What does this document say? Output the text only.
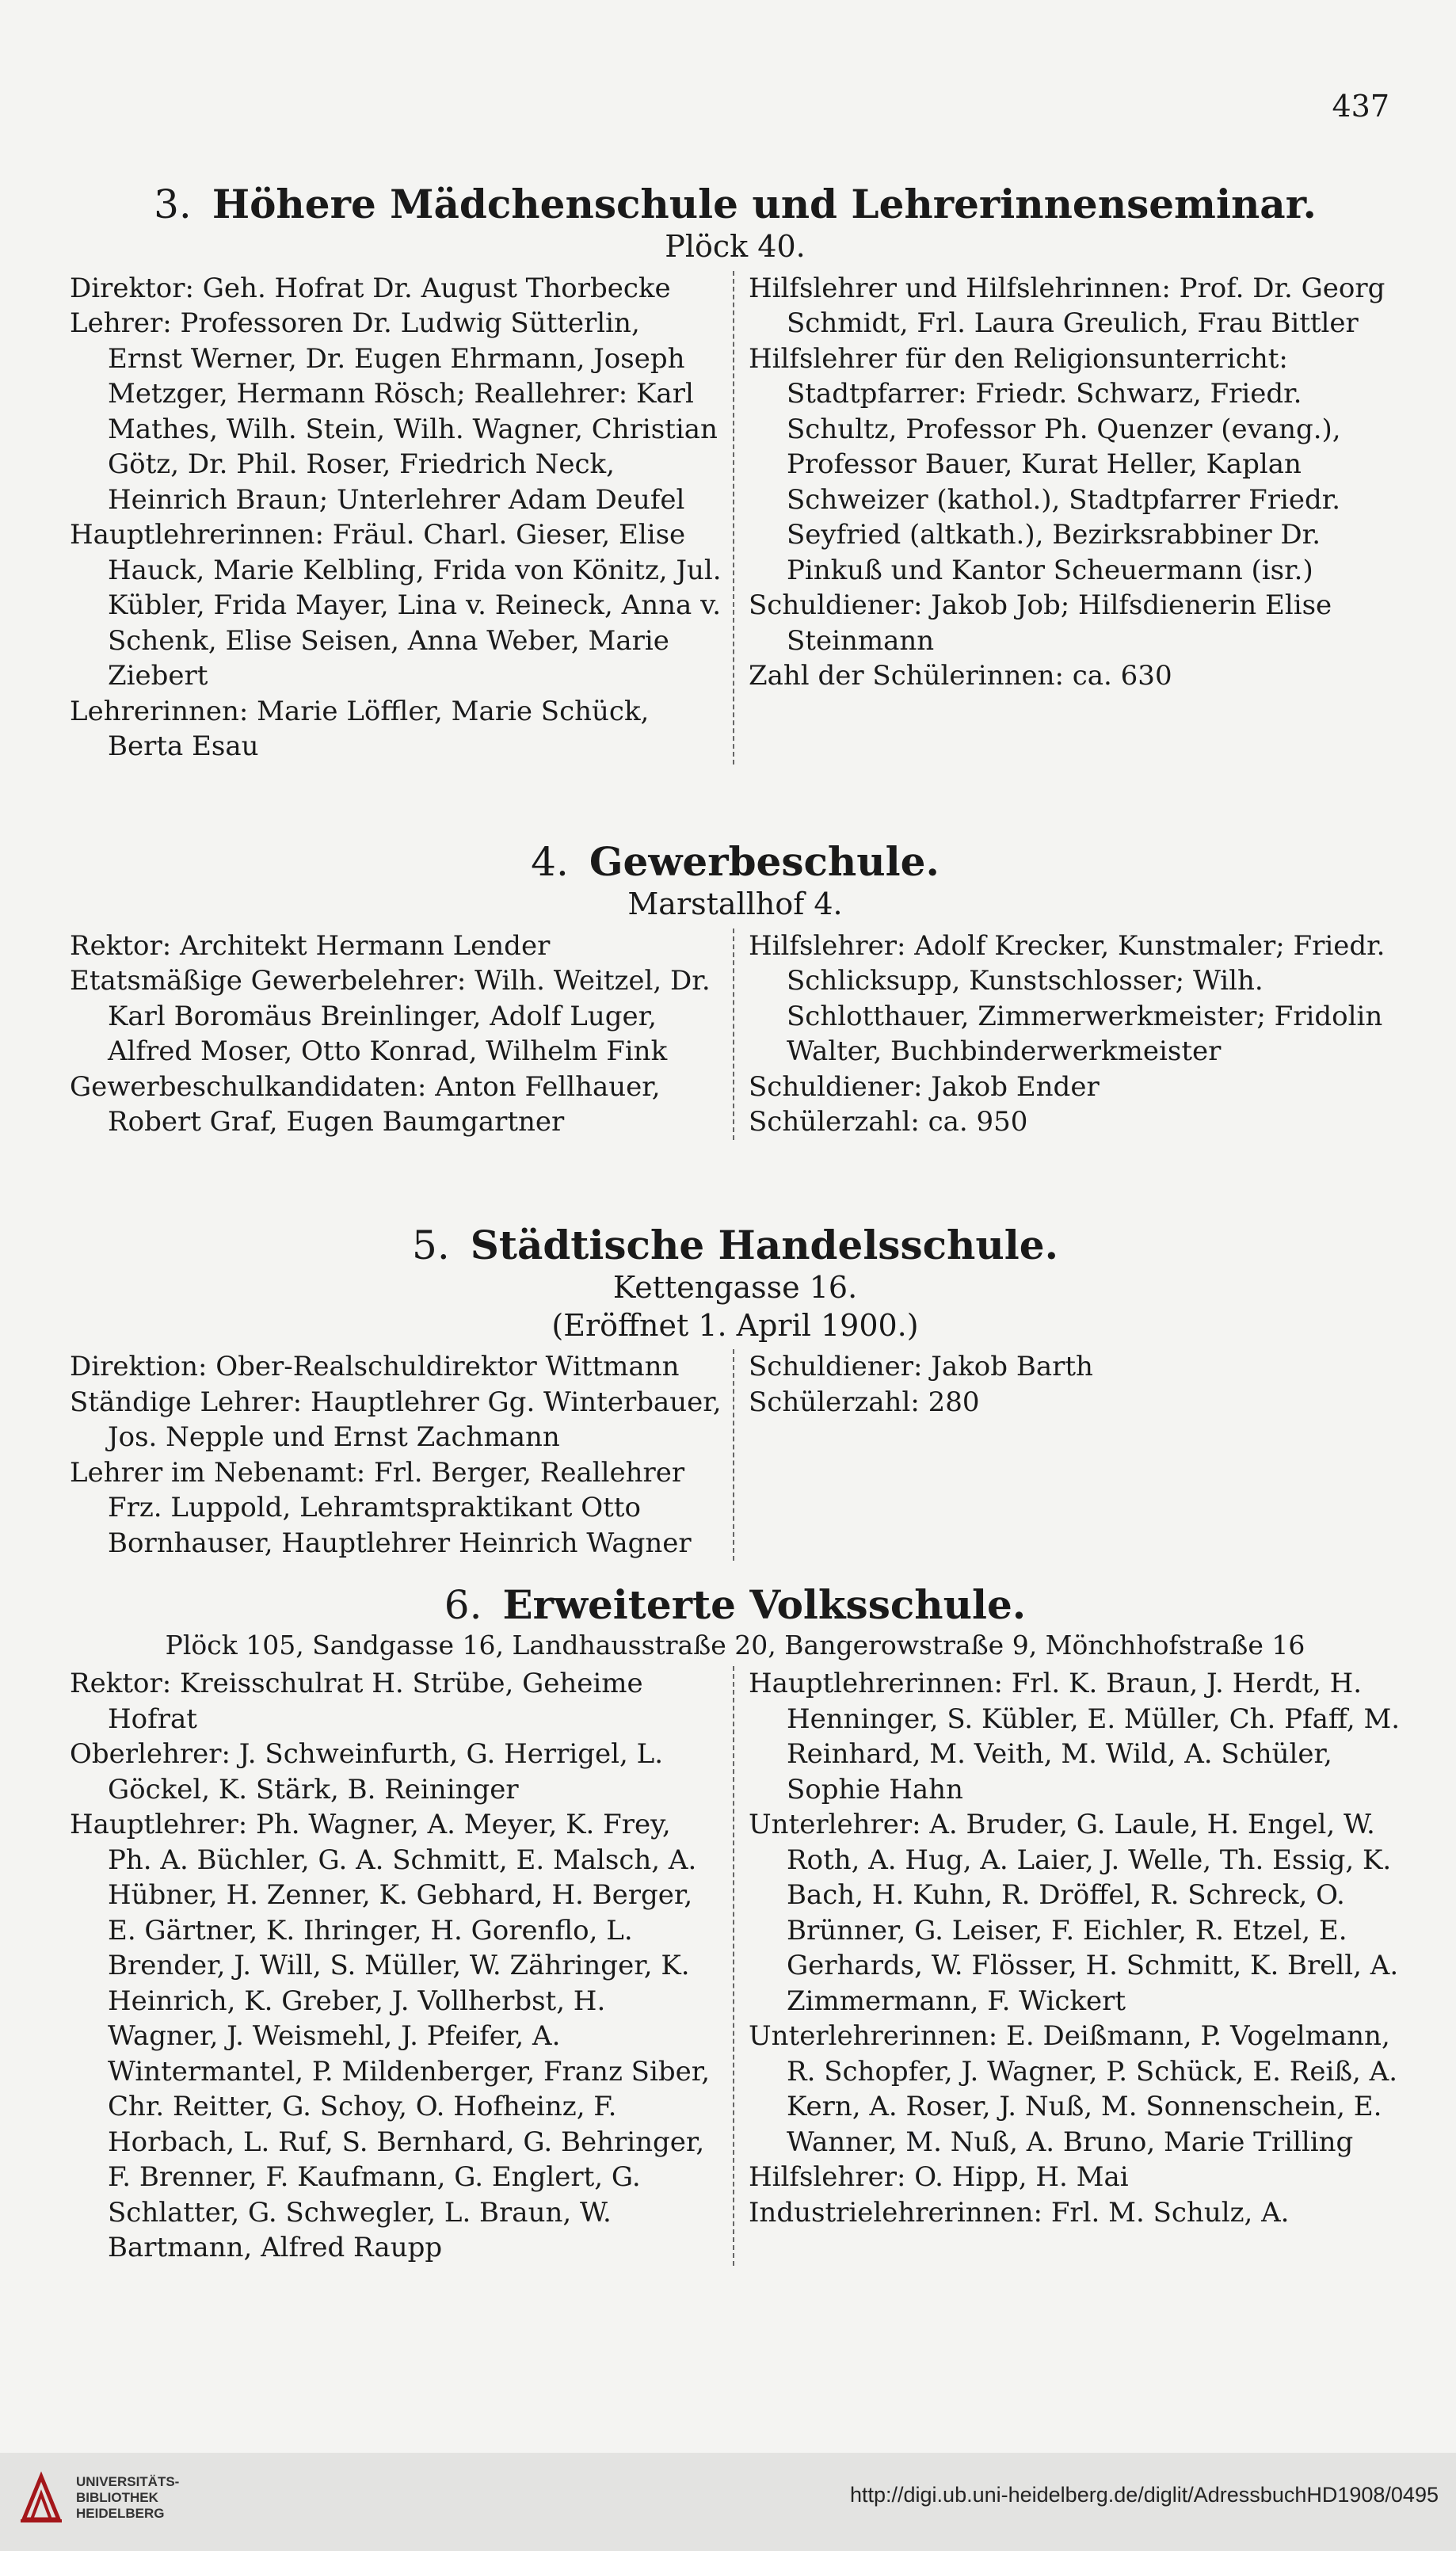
437
3. Höhere Mädchenschule und Lehrerinnenseminar.
Plöck 40.

Direktor: Geh. Hofrat Dr. August Thorbecke

Lehrer: Professoren Dr. Ludwig Sütterlin, Ernst Werner, Dr. Eugen Ehrmann, Joseph Metzger, Hermann Rösch; Reallehrer: Karl Mathes, Wilh. Stein, Wilh. Wagner, Christian Götz, Dr. Phil. Roser, Friedrich Neck, Heinrich Braun; Unterlehrer Adam Deufel

Hauptlehrerinnen: Fräul. Charl. Gieser, Elise Hauck, Marie Kelbling, Frida von Könitz, Jul. Kübler, Frida Mayer, Lina v. Reineck, Anna v. Schenk, Elise Seisen, Anna Weber, Marie Ziebert

Lehrerinnen: Marie Löffler, Marie Schück, Berta Esau

Hilfslehrer und Hilfslehrinnen: Prof. Dr. Georg Schmidt, Frl. Laura Greulich, Frau Bittler

Hilfslehrer für den Religionsunterricht: Stadtpfarrer: Friedr. Schwarz, Friedr. Schultz, Professor Ph. Quenzer (evang.), Professor Bauer, Kurat Heller, Kaplan Schweizer (kathol.), Stadtpfarrer Friedr. Seyfried (altkath.), Bezirksrabbiner Dr. Pinkuß und Kantor Scheuermann (isr.)

Schuldiener: Jakob Job; Hilfsdienerin Elise Steinmann

Zahl der Schülerinnen: ca. 630

4. Gewerbeschule.
Marstallhof 4.

Rektor: Architekt Hermann Lender

Etatsmäßige Gewerbelehrer: Wilh. Weitzel, Dr. Karl Boromäus Breinlinger, Adolf Luger, Alfred Moser, Otto Konrad, Wilhelm Fink

Gewerbeschulkandidaten: Anton Fellhauer, Robert Graf, Eugen Baumgartner

Hilfslehrer: Adolf Krecker, Kunstmaler; Friedr. Schlicksupp, Kunstschlosser; Wilh. Schlotthauer, Zimmerwerkmeister; Fridolin Walter, Buchbinderwerkmeister

Schuldiener: Jakob Ender

Schülerzahl: ca. 950

5. Städtische Handelsschule.
Kettengasse 16.
(Eröffnet 1. April 1900.)

Direktion: Ober-Realschuldirektor Wittmann

Ständige Lehrer: Hauptlehrer Gg. Winterbauer, Jos. Nepple und Ernst Zachmann

Lehrer im Nebenamt: Frl. Berger, Reallehrer Frz. Luppold, Lehramtspraktikant Otto Bornhauser, Hauptlehrer Heinrich Wagner

Schuldiener: Jakob Barth

Schülerzahl: 280

6. Erweiterte Volksschule.
Plöck 105, Sandgasse 16, Landhausstraße 20, Bangerowstraße 9, Mönchhofstraße 16

Rektor: Kreisschulrat H. Strübe, Geheime Hofrat

Oberlehrer: J. Schweinfurth, G. Herrigel, L. Göckel, K. Stärk, B. Reininger

Hauptlehrer: Ph. Wagner, A. Meyer, K. Frey, Ph. A. Büchler, G. A. Schmitt, E. Malsch, A. Hübner, H. Zenner, K. Gebhard, H. Berger, E. Gärtner, K. Ihringer, H. Gorenflo, L. Brender, J. Will, S. Müller, W. Zähringer, K. Heinrich, K. Greber, J. Vollherbst, H. Wagner, J. Weismehl, J. Pfeifer, A. Wintermantel, P. Mildenberger, Franz Siber, Chr. Reitter, G. Schoy, O. Hofheinz, F. Horbach, L. Ruf, S. Bernhard, G. Behringer, F. Brenner, F. Kaufmann, G. Englert, G. Schlatter, G. Schwegler, L. Braun, W. Bartmann, Alfred Raupp

Hauptlehrerinnen: Frl. K. Braun, J. Herdt, H. Henninger, S. Kübler, E. Müller, Ch. Pfaff, M. Reinhard, M. Veith, M. Wild, A. Schüler, Sophie Hahn

Unterlehrer: A. Bruder, G. Laule, H. Engel, W. Roth, A. Hug, A. Laier, J. Welle, Th. Essig, K. Bach, H. Kuhn, R. Dröffel, R. Schreck, O. Brünner, G. Leiser, F. Eichler, R. Etzel, E. Gerhards, W. Flösser, H. Schmitt, K. Brell, A. Zimmermann, F. Wickert

Unterlehrerinnen: E. Deißmann, P. Vogelmann, R. Schopfer, J. Wagner, P. Schück, E. Reiß, A. Kern, A. Roser, J. Nuß, M. Sonnenschein, E. Wanner, M. Nuß, A. Bruno, Marie Trilling

Hilfslehrer: O. Hipp, H. Mai

Industrielehrerinnen: Frl. M. Schulz, A.

UNIVERSITÄTS-
BIBLIOTHEK
HEIDELBERG
http://digi.ub.uni-heidelberg.de/diglit/AdressbuchHD1908/0495
